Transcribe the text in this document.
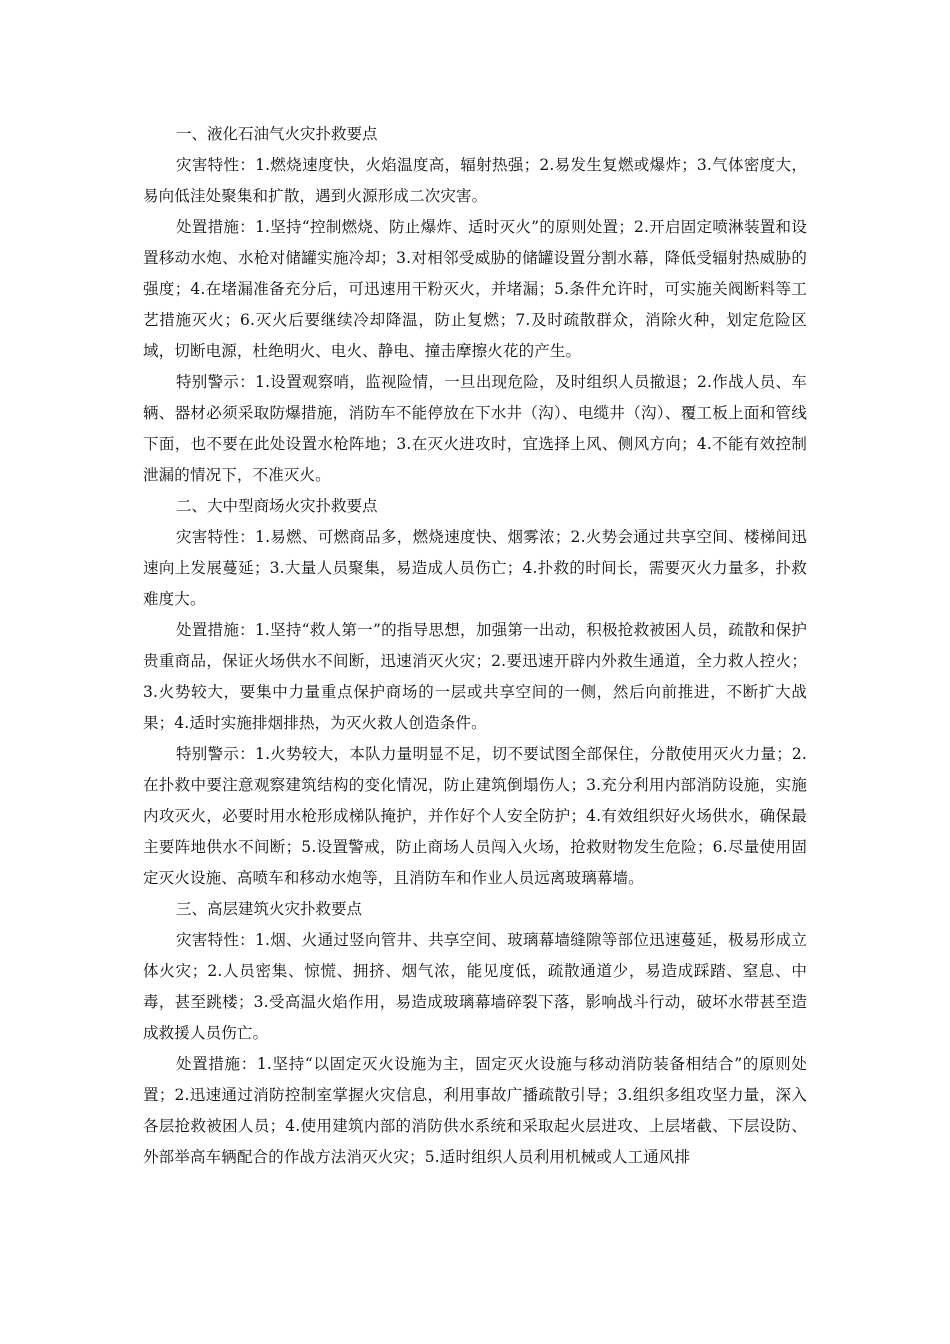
一、液化石油气火灾扑救要点

灾害特性：1.燃烧速度快，火焰温度高，辐射热强；2.易发生复燃或爆炸；3.气体密度大，易向低洼处聚集和扩散，遇到火源形成二次灾害。

处置措施：1.坚持“控制燃烧、防止爆炸、适时灭火”的原则处置；2.开启固定喷淋装置和设置移动水炮、水枪对储罐实施冷却；3.对相邻受威胁的储罐设置分割水幕，降低受辐射热威胁的强度；4.在堵漏准备充分后，可迅速用干粉灭火，并堵漏；5.条件允许时，可实施关阀断料等工艺措施灭火；6.灭火后要继续冷却降温，防止复燃；7.及时疏散群众，消除火种，划定危险区域，切断电源，杜绝明火、电火、静电、撞击摩擦火花的产生。

特别警示：1.设置观察哨，监视险情，一旦出现危险，及时组织人员撤退；2.作战人员、车辆、器材必须采取防爆措施，消防车不能停放在下水井（沟）、电缆井（沟）、覆工板上面和管线下面，也不要在此处设置水枪阵地；3.在灭火进攻时，宜选择上风、侧风方向；4.不能有效控制泄漏的情况下，不准灭火。

二、大中型商场火灾扑救要点

灾害特性：1.易燃、可燃商品多，燃烧速度快、烟雾浓；2.火势会通过共享空间、楼梯间迅速向上发展蔓延；3.大量人员聚集，易造成人员伤亡；4.扑救的时间长，需要灭火力量多，扑救难度大。

处置措施：1.坚持“救人第一”的指导思想，加强第一出动，积极抢救被困人员，疏散和保护贵重商品，保证火场供水不间断，迅速消灭火灾；2.要迅速开辟内外救生通道，全力救人控火；3.火势较大，要集中力量重点保护商场的一层或共享空间的一侧，然后向前推进，不断扩大战果；4.适时实施排烟排热，为灭火救人创造条件。

特别警示：1.火势较大，本队力量明显不足，切不要试图全部保住，分散使用灭火力量；2.在扑救中要注意观察建筑结构的变化情况，防止建筑倒塌伤人；3.充分利用内部消防设施，实施内攻灭火，必要时用水枪形成梯队掩护，并作好个人安全防护；4.有效组织好火场供水，确保最主要阵地供水不间断；5.设置警戒，防止商场人员闯入火场，抢救财物发生危险；6.尽量使用固定灭火设施、高喷车和移动水炮等，且消防车和作业人员远离玻璃幕墙。

三、高层建筑火灾扑救要点

灾害特性：1.烟、火通过竖向管井、共享空间、玻璃幕墙缝隙等部位迅速蔓延，极易形成立体火灾；2.人员密集、惊慌、拥挤、烟气浓，能见度低，疏散通道少，易造成踩踏、窒息、中毒，甚至跳楼；3.受高温火焰作用，易造成玻璃幕墙碎裂下落，影响战斗行动，破坏水带甚至造成救援人员伤亡。

处置措施：1.坚持“以固定灭火设施为主，固定灭火设施与移动消防装备相结合”的原则处置；2.迅速通过消防控制室掌握火灾信息，利用事故广播疏散引导；3.组织多组攻坚力量，深入各层抢救被困人员；4.使用建筑内部的消防供水系统和采取起火层进攻、上层堵截、下层设防、外部举高车辆配合的作战方法消灭火灾；5.适时组织人员利用机械或人工通风排
